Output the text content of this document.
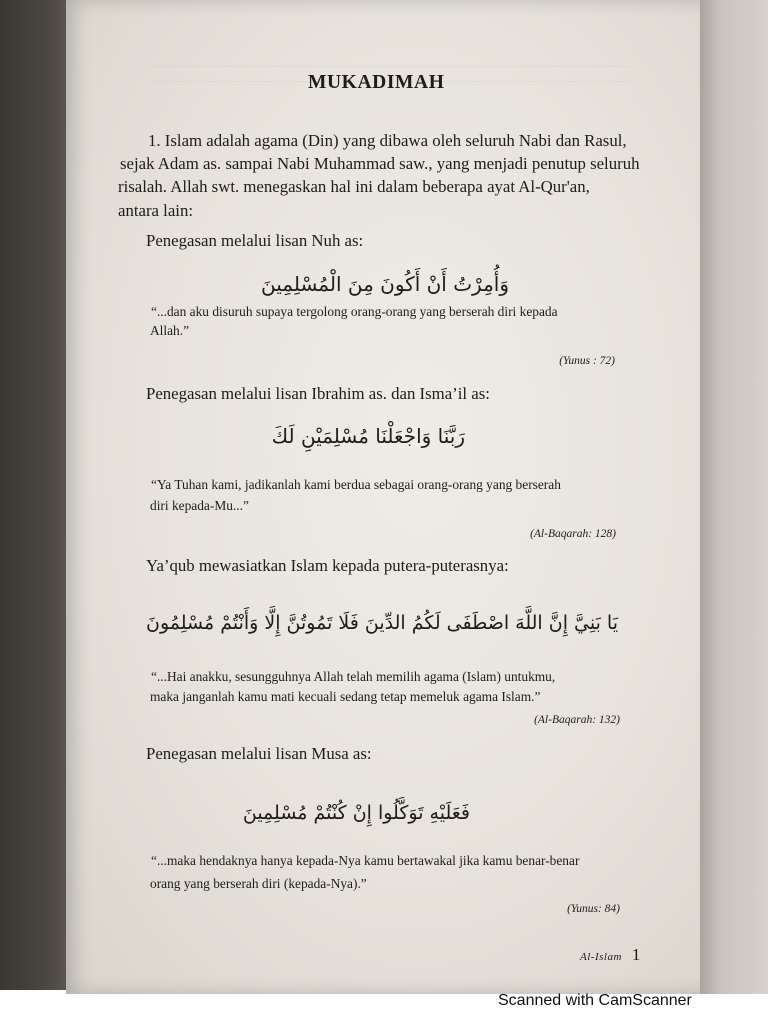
MUKADIMAH
1. Islam adalah agama (Din) yang dibawa oleh seluruh Nabi dan Rasul,
sejak Adam as. sampai Nabi Muhammad saw., yang menjadi penutup seluruh
risalah. Allah swt. menegaskan hal ini dalam beberapa ayat Al-Qur'an,
antara lain:
Penegasan melalui lisan Nuh as:
وَأُمِرْتُ أَنْ أَكُونَ مِنَ الْمُسْلِمِينَ
“...dan aku disuruh supaya tergolong orang-orang yang berserah diri kepada
Allah.”
(Yunus : 72)
Penegasan melalui lisan Ibrahim as. dan Isma’il as:
رَبَّنَا وَاجْعَلْنَا مُسْلِمَيْنِ لَكَ
“Ya Tuhan kami, jadikanlah kami berdua sebagai orang-orang yang berserah
diri kepada-Mu...”
(Al-Baqarah: 128)
Ya’qub mewasiatkan Islam kepada putera-puterasnya:
يَا بَنِيَّ إِنَّ اللَّهَ اصْطَفَى لَكُمُ الدِّينَ فَلَا تَمُوتُنَّ إِلَّا وَأَنْتُمْ مُسْلِمُونَ
“...Hai anakku, sesungguhnya Allah telah memilih agama (Islam) untukmu,
maka janganlah kamu mati kecuali sedang tetap memeluk agama Islam.”
(Al-Baqarah: 132)
Penegasan melalui lisan Musa as:
فَعَلَيْهِ تَوَكَّلُوا إِنْ كُنْتُمْ مُسْلِمِينَ
“...maka hendaknya hanya kepada-Nya kamu bertawakal jika kamu benar-benar
orang yang berserah diri (kepada-Nya).”
(Yunus: 84)
Al-Islam 1
Scanned with CamScanner
